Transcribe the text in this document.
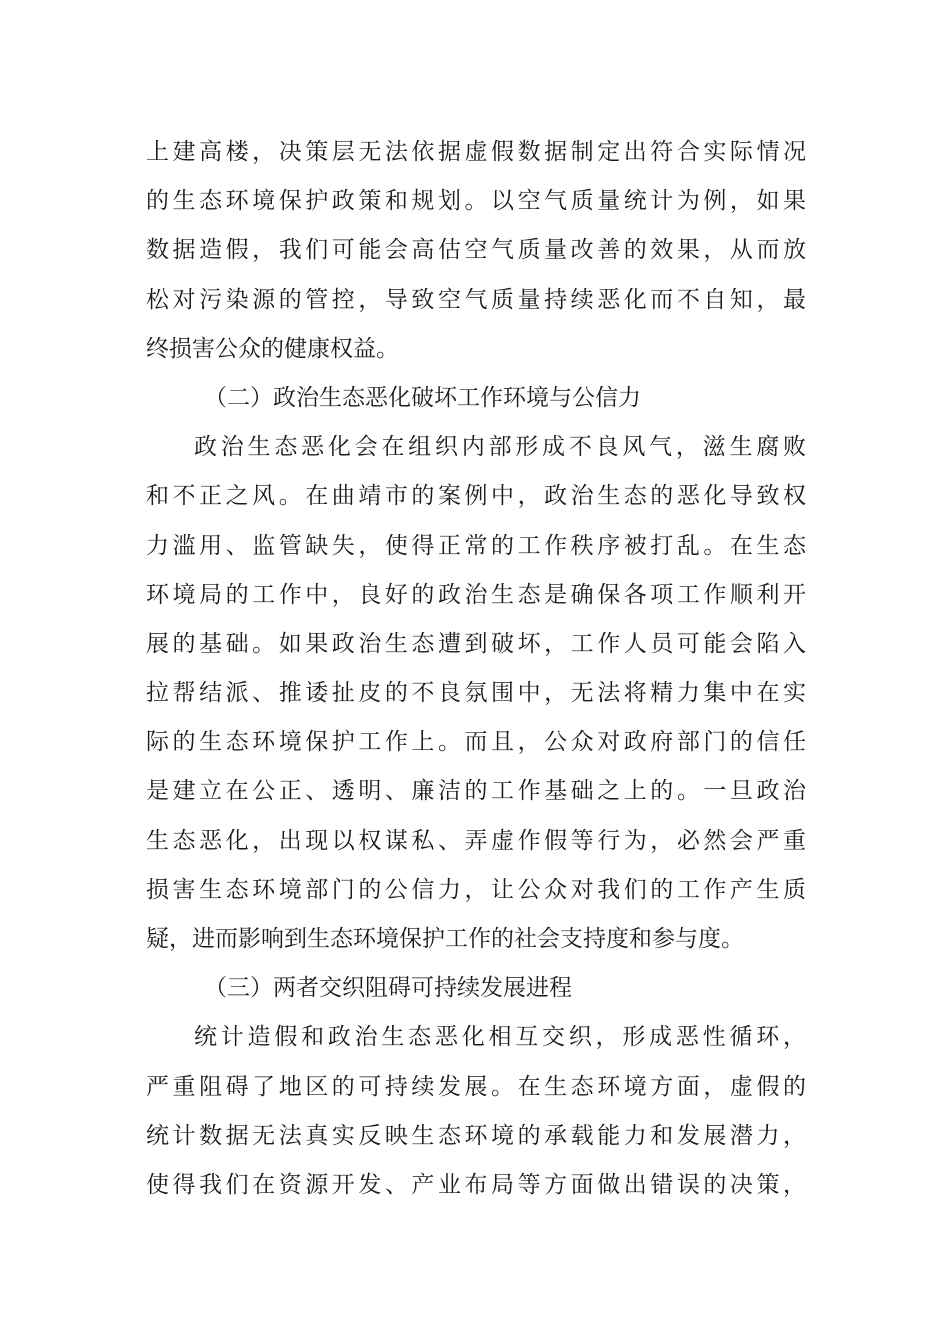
上建高楼，决策层无法依据虚假数据制定出符合实际情况
的生态环境保护政策和规划。以空气质量统计为例，如果
数据造假，我们可能会高估空气质量改善的效果，从而放
松对污染源的管控，导致空气质量持续恶化而不自知，最
终损害公众的健康权益。
（二）政治生态恶化破坏工作环境与公信力
政治生态恶化会在组织内部形成不良风气，滋生腐败
和不正之风。在曲靖市的案例中，政治生态的恶化导致权
力滥用、监管缺失，使得正常的工作秩序被打乱。在生态
环境局的工作中，良好的政治生态是确保各项工作顺利开
展的基础。如果政治生态遭到破坏，工作人员可能会陷入
拉帮结派、推诿扯皮的不良氛围中，无法将精力集中在实
际的生态环境保护工作上。而且，公众对政府部门的信任
是建立在公正、透明、廉洁的工作基础之上的。一旦政治
生态恶化，出现以权谋私、弄虚作假等行为，必然会严重
损害生态环境部门的公信力，让公众对我们的工作产生质
疑，进而影响到生态环境保护工作的社会支持度和参与度。
（三）两者交织阻碍可持续发展进程
统计造假和政治生态恶化相互交织，形成恶性循环，
严重阻碍了地区的可持续发展。在生态环境方面，虚假的
统计数据无法真实反映生态环境的承载能力和发展潜力，
使得我们在资源开发、产业布局等方面做出错误的决策，
